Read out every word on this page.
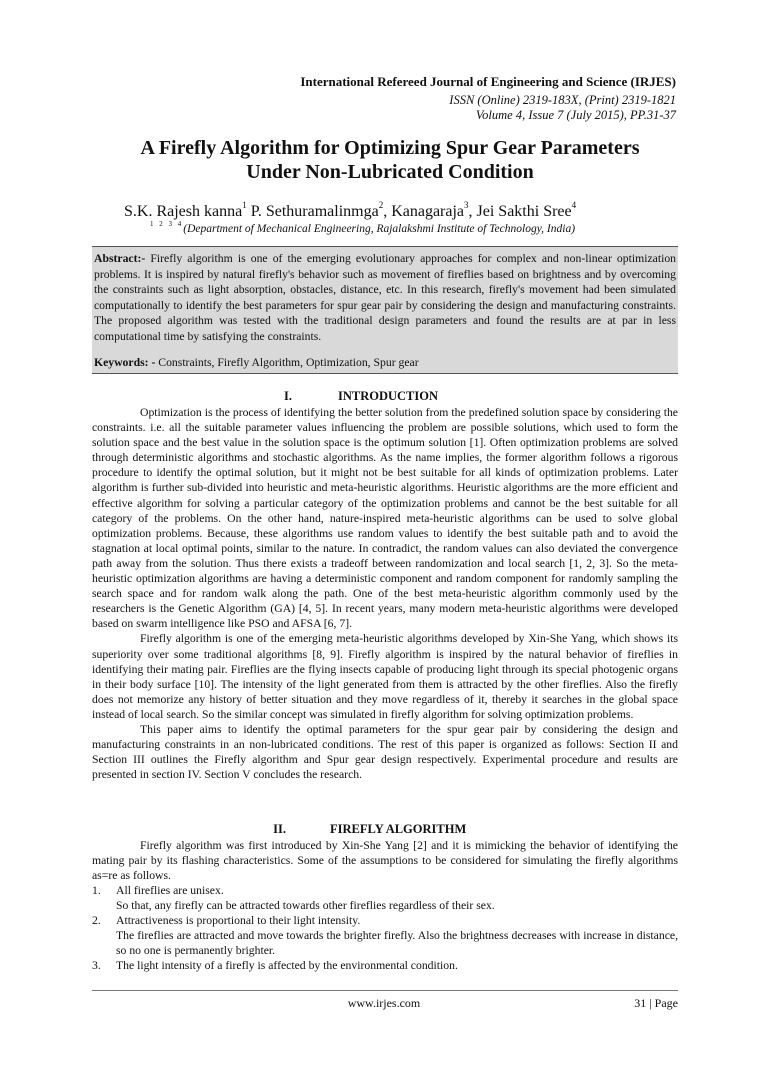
International Refereed Journal of Engineering and Science (IRJES)
ISSN (Online) 2319-183X, (Print) 2319-1821
Volume 4, Issue 7 (July 2015), PP.31-37
A Firefly Algorithm for Optimizing Spur Gear Parameters
Under Non-Lubricated Condition
S.K. Rajesh kanna$^1$ P. Sethuramalinmga$^2$, Kanagaraja$^3$, Jei Sakthi Sree$^4$
$^{1 2 3 4}$(Department of Mechanical Engineering, Rajalakshmi Institute of Technology, India)
Abstract:- Firefly algorithm is one of the emerging evolutionary approaches for complex and non-linear optimization problems. It is inspired by natural firefly's behavior such as movement of fireflies based on brightness and by overcoming the constraints such as light absorption, obstacles, distance, etc. In this research, firefly's movement had been simulated computationally to identify the best parameters for spur gear pair by considering the design and manufacturing constraints. The proposed algorithm was tested with the traditional design parameters and found the results are at par in less computational time by satisfying the constraints.
Keywords: - Constraints, Firefly Algorithm, Optimization, Spur gear
I.	INTRODUCTION

Optimization is the process of identifying the better solution from the predefined solution space by considering the constraints. i.e. all the suitable parameter values influencing the problem are possible solutions, which used to form the solution space and the best value in the solution space is the optimum solution [1]. Often optimization problems are solved through deterministic algorithms and stochastic algorithms. As the name implies, the former algorithm follows a rigorous procedure to identify the optimal solution, but it might not be best suitable for all kinds of optimization problems. Later algorithm is further sub-divided into heuristic and meta-heuristic algorithms. Heuristic algorithms are the more efficient and effective algorithm for solving a particular category of the optimization problems and cannot be the best suitable for all category of the problems. On the other hand, nature-inspired meta-heuristic algorithms can be used to solve global optimization problems. Because, these algorithms use random values to identify the best suitable path and to avoid the stagnation at local optimal points, similar to the nature. In contradict, the random values can also deviated the convergence path away from the solution. Thus there exists a tradeoff between randomization and local search [1, 2, 3]. So the meta-heuristic optimization algorithms are having a deterministic component and random component for randomly sampling the search space and for random walk along the path. One of the best meta-heuristic algorithm commonly used by the researchers is the Genetic Algorithm (GA) [4, 5]. In recent years, many modern meta-heuristic algorithms were developed based on swarm intelligence like PSO and AFSA [6, 7].

Firefly algorithm is one of the emerging meta-heuristic algorithms developed by Xin-She Yang, which shows its superiority over some traditional algorithms [8, 9]. Firefly algorithm is inspired by the natural behavior of fireflies in identifying their mating pair. Fireflies are the flying insects capable of producing light through its special photogenic organs in their body surface [10]. The intensity of the light generated from them is attracted by the other fireflies. Also the firefly does not memorize any history of better situation and they move regardless of it, thereby it searches in the global space instead of local search. So the similar concept was simulated in firefly algorithm for solving optimization problems.

This paper aims to identify the optimal parameters for the spur gear pair by considering the design and manufacturing constraints in an non-lubricated conditions. The rest of this paper is organized as follows: Section II and Section III outlines the Firefly algorithm and Spur gear design respectively. Experimental procedure and results are presented in section IV. Section V concludes the research.

II.	FIREFLY ALGORITHM

Firefly algorithm was first introduced by Xin-She Yang [2] and it is mimicking the behavior of identifying the mating pair by its flashing characteristics. Some of the assumptions to be considered for simulating the firefly algorithms as=re as follows.

1. All fireflies are unisex.
So that, any firefly can be attracted towards other fireflies regardless of their sex.
2. Attractiveness is proportional to their light intensity.
The fireflies are attracted and move towards the brighter firefly. Also the brightness decreases with increase in distance, so no one is permanently brighter.
3. The light intensity of a firefly is affected by the environmental condition.
www.irjes.com	31 | Page
